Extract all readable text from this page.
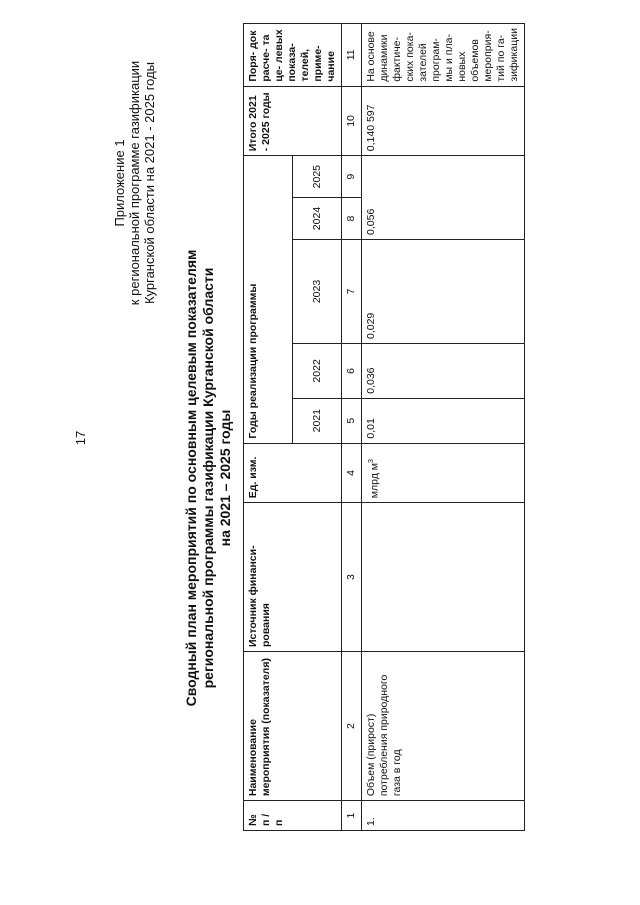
17
Приложение 1 к региональной программе газификации Курганской области на 2021 - 2025 годы
Сводный план мероприятий по основным целевым показателям региональной программы газификации Курганской области на 2021 – 2025 годы
№ п / п	Наименование мероприятия (показателя)	Источник финанси- рования	Ед. изм.	Годы реализации программы					Итого 2021 - 2025 годы	Поря- док расче- та це- левых показа- телей, приме- чание
				2021	2022	2023	2024	2025		
1	2	3	4	5	6	7	8	9	10	11
1.	Объем (прирост) потребления природного газа в год		млрд $м^3$	0,01	0,036	0,029	0,056		0,140 597	На основе динамики фактиче- ских пока- зателей програм- мы и пла- новых объемов мероприя- тий по га- зификации
